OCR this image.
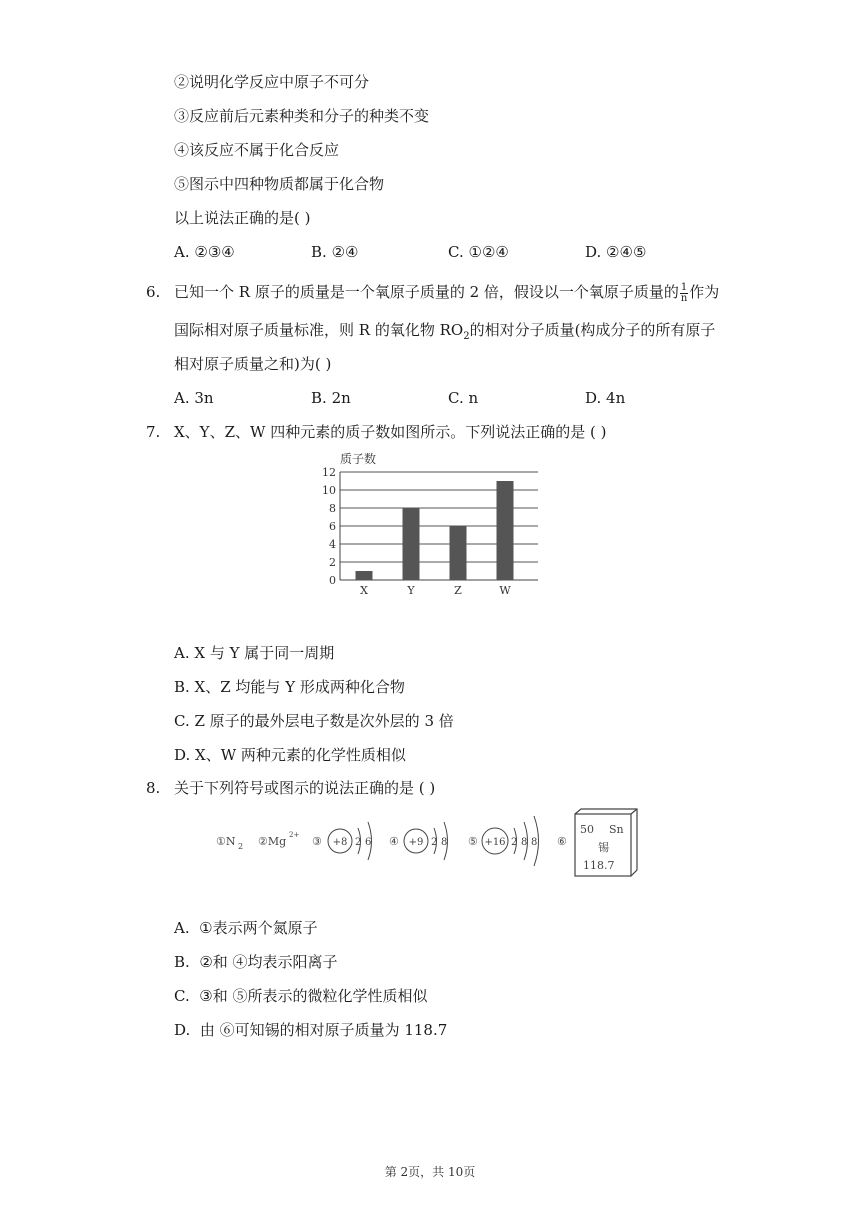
②说明化学反应中原子不可分
③反应前后元素种类和分子的种类不变
④该反应不属于化合反应
⑤图示中四种物质都属于化合物
以上说法正确的是( )
A. ②③④	B. ②④	C. ①②④	D. ②④⑤
6. 已知一个 R 原子的质量是一个氧原子质量的 2 倍，假设以一个氧原子质量的 $\frac{1}{n}$ 作为
国际相对原子质量标准，则 R 的氧化物 $RO_2$的相对分子质量(构成分子的所有原子
相对原子质量之和)为( )
A. 3n	B. 2n	C. n	D. 4n
7. X、Y、Z、W 四种元素的质子数如图所示。下列说法正确的是 ( )
质子数
0
2
4
6
8
10
12
X	Y	Z	W
A. X 与 Y 属于同一周期
B. X、Z 均能与 Y 形成两种化合物
C. Z 原子的最外层电子数是次外层的 3 倍
D. X、W 两种元素的化学性质相似
8. 关于下列符号或图示的说法正确的是 ( )
①N 2 ②Mg 2+ ③ +8 2 6 ④ +9 2 8 ⑤ +16 2 8 8 ⑥
50 Sn
锡
118.7
A. ①表示两个氮原子
B. ②和 ④均表示阳离子
C. ③和 ⑤所表示的微粒化学性质相似
D. 由 ⑥可知锡的相对原子质量为 118.7
第 2页，共 10页
